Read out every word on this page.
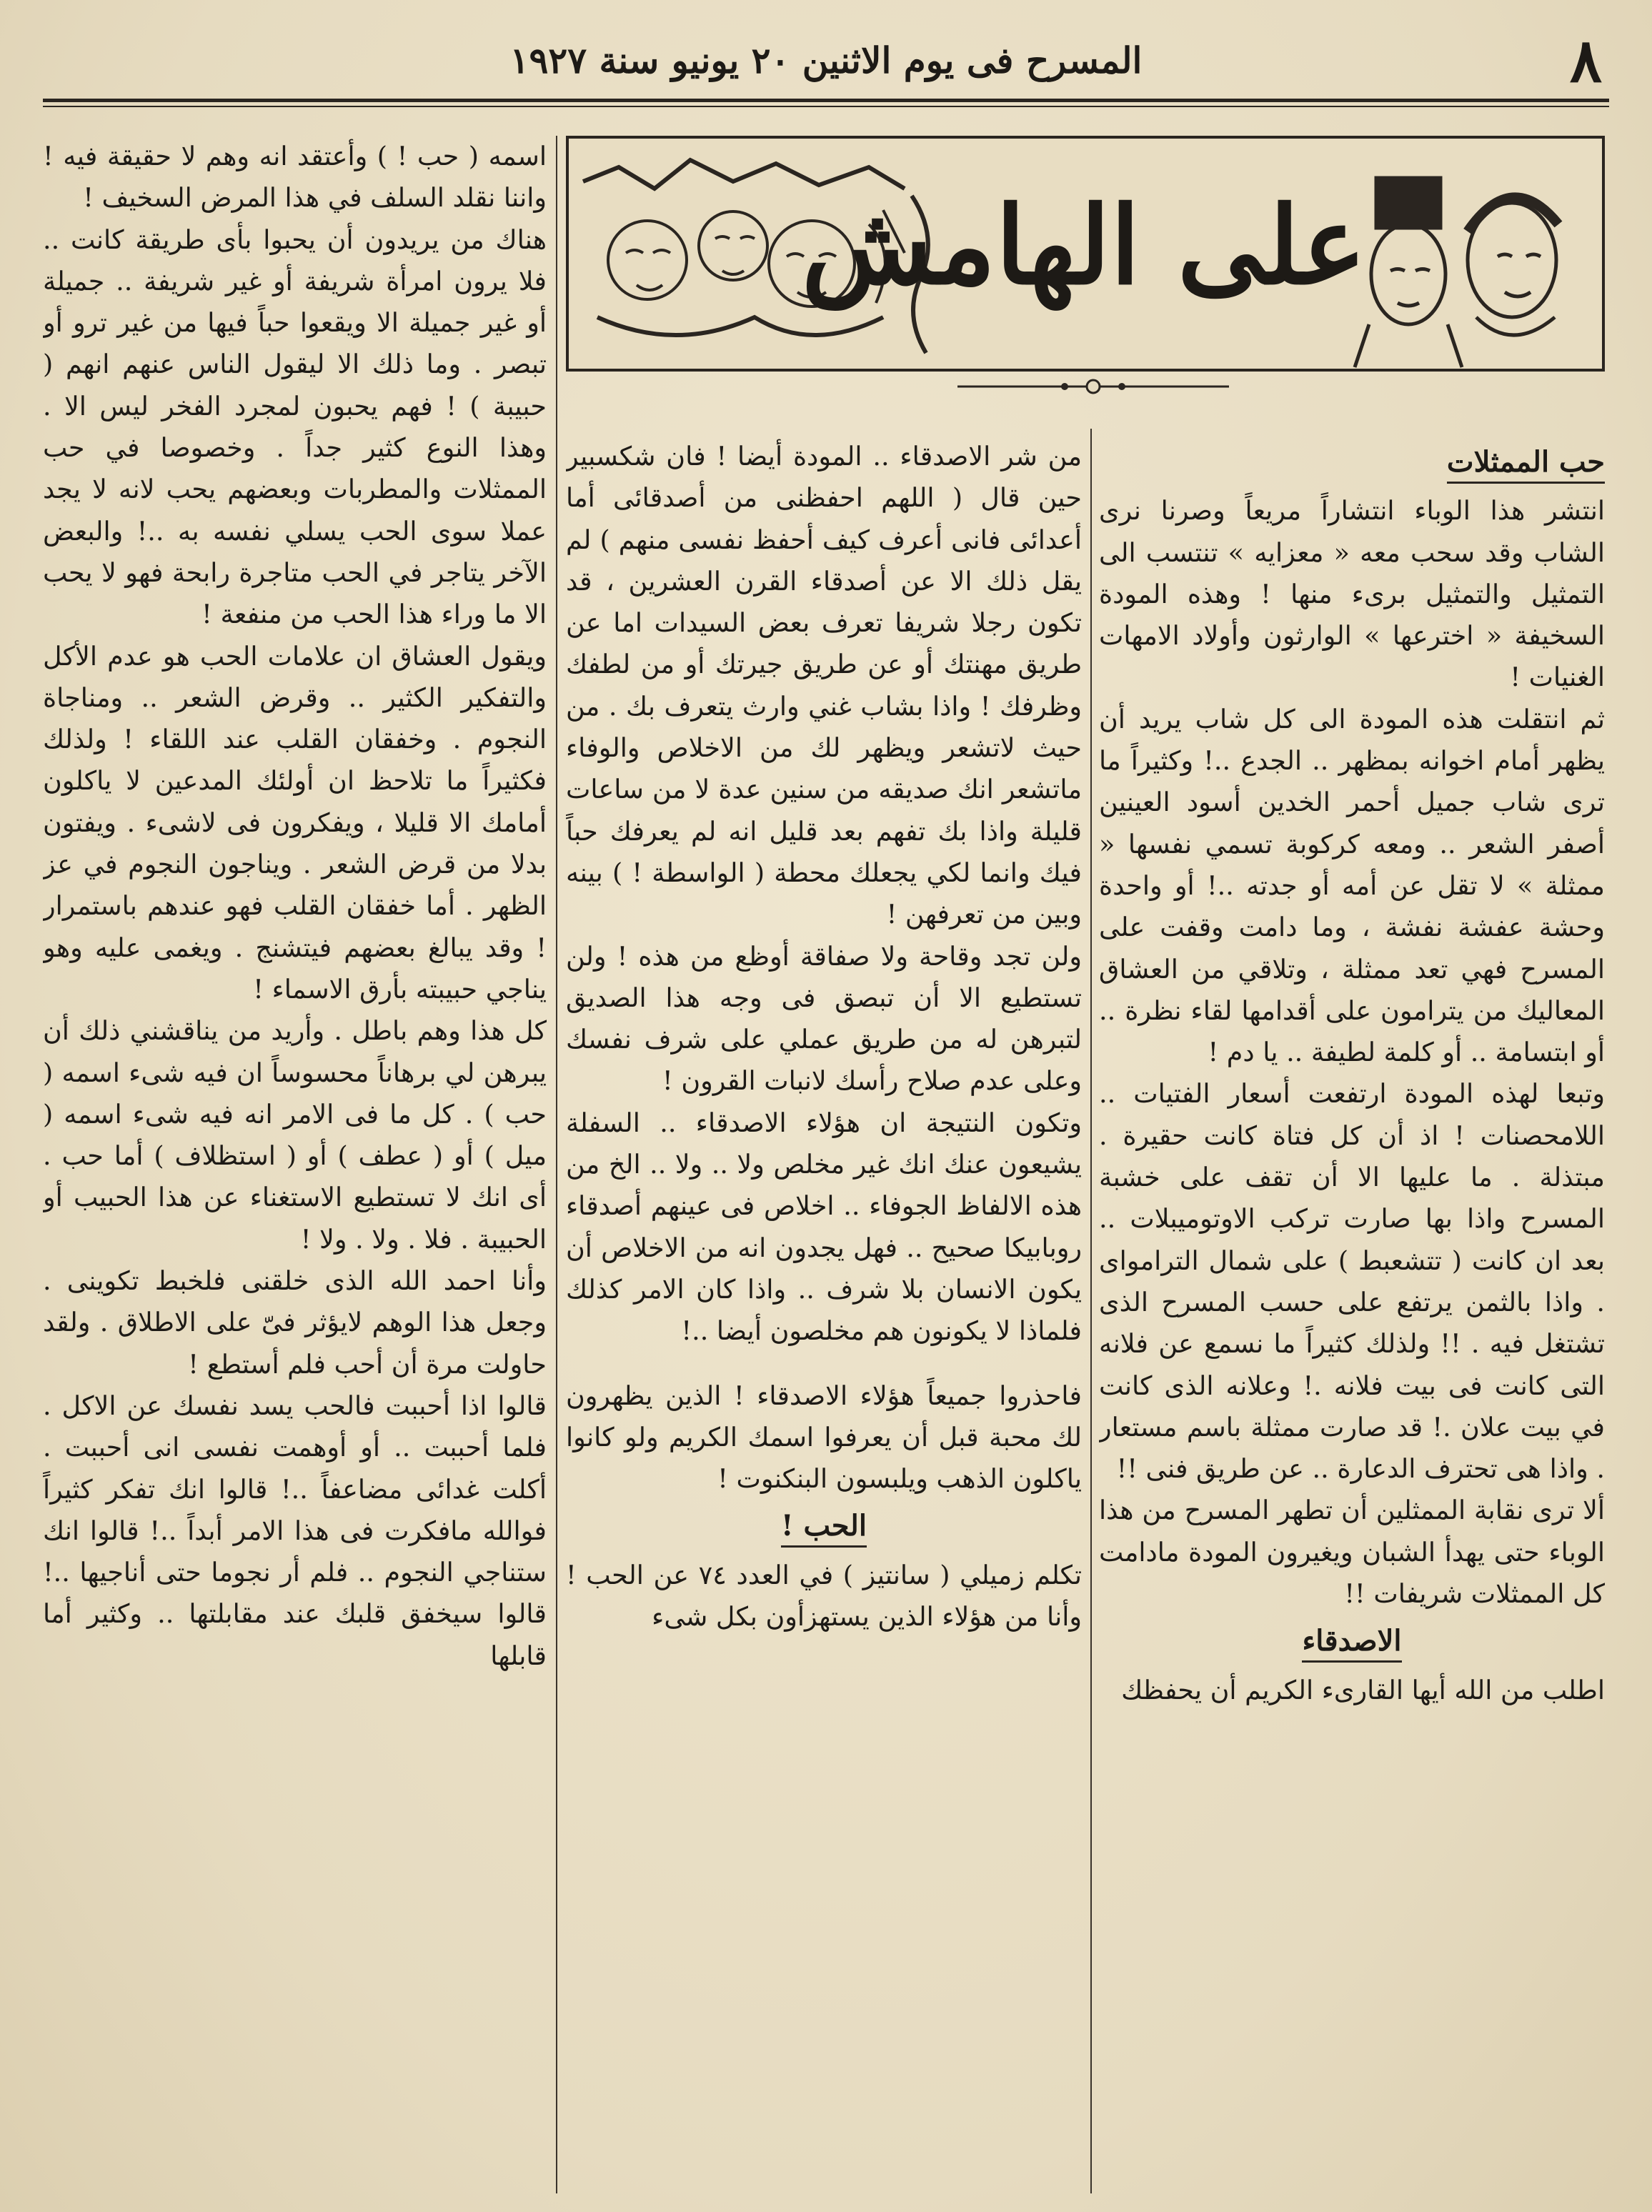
٨
المسرح فى يوم الاثنين ٢٠ يونيو سنة ١٩٢٧
على الهامش
حب الممثلات

انتشر هذا الوباء انتشاراً مريعاً وصرنا نرى الشاب وقد سحب معه « معزايه » تنتسب الى التمثيل والتمثيل برىء منها ! وهذه المودة السخيفة « اخترعها » الوارثون وأولاد الامهات الغنيات !

ثم انتقلت هذه المودة الى كل شاب يريد أن يظهر أمام اخوانه بمظهر .. الجدع ..! وكثيراً ما ترى شاب جميل أحمر الخدين أسود العينين أصفر الشعر .. ومعه كركوبة تسمي نفسها « ممثلة » لا تقل عن أمه أو جدته ..! أو واحدة وحشة عفشة نفشة ، وما دامت وقفت على المسرح فهي تعد ممثلة ، وتلاقي من العشاق المعاليك من يترامون على أقدامها لقاء نظرة .. أو ابتسامة .. أو كلمة لطيفة .. يا دم !

وتبعا لهذه المودة ارتفعت أسعار الفتيات .. اللامحصنات ! اذ أن كل فتاة كانت حقيرة . مبتذلة . ما عليها الا أن تقف على خشبة المسرح واذا بها صارت تركب الاوتوميبلات .. بعد ان كانت ( تتشعبط ) على شمال الترامواى . واذا بالثمن يرتفع على حسب المسرح الذى تشتغل فيه . !! ولذلك كثيراً ما نسمع عن فلانه التى كانت فى بيت فلانه .! وعلانه الذى كانت في بيت علان .! قد صارت ممثلة باسم مستعار . واذا هى تحترف الدعارة .. عن طريق فنى !!

ألا ترى نقابة الممثلين أن تطهر المسرح من هذا الوباء حتى يهدأ الشبان ويغيرون المودة مادامت كل الممثلات شريفات !!

الاصدقاء

اطلب من الله أيها القارىء الكريم أن يحفظك

من شر الاصدقاء .. المودة أيضا ! فان شكسبير حين قال ( اللهم احفظنى من أصدقائى أما أعدائى فانى أعرف كيف أحفظ نفسى منهم ) لم يقل ذلك الا عن أصدقاء القرن العشرين ، قد تكون رجلا شريفا تعرف بعض السيدات اما عن طريق مهنتك أو عن طريق جيرتك أو من لطفك وظرفك ! واذا بشاب غني وارث يتعرف بك . من حيث لاتشعر ويظهر لك من الاخلاص والوفاء ماتشعر انك صديقه من سنين عدة لا من ساعات قليلة واذا بك تفهم بعد قليل انه لم يعرفك حباً فيك وانما لكي يجعلك محطة ( الواسطة ! ) بينه وبين من تعرفهن !

ولن تجد وقاحة ولا صفاقة أوظع من هذه ! ولن تستطيع الا أن تبصق فى وجه هذا الصديق لتبرهن له من طريق عملي على شرف نفسك وعلى عدم صلاح رأسك لانبات القرون !

وتكون النتيجة ان هؤلاء الاصدقاء .. السفلة يشيعون عنك انك غير مخلص ولا .. ولا .. الخ من هذه الالفاظ الجوفاء .. اخلاص فى عينهم أصدقاء روبابيكا صحيح .. فهل يجدون انه من الاخلاص أن يكون الانسان بلا شرف .. واذا كان الامر كذلك فلماذا لا يكونون هم مخلصون أيضا ..!

فاحذروا جميعاً هؤلاء الاصدقاء ! الذين يظهرون لك محبة قبل أن يعرفوا اسمك الكريم ولو كانوا ياكلون الذهب ويلبسون البنكنوت !

الحب !

تكلم زميلي ( سانتيز ) في العدد ٧٤ عن الحب ! وأنا من هؤلاء الذين يستهزأون بكل شىء

اسمه ( حب ! ) وأعتقد انه وهم لا حقيقة فيه ! واننا نقلد السلف في هذا المرض السخيف !

هناك من يريدون أن يحبوا بأى طريقة كانت .. فلا يرون امرأة شريفة أو غير شريفة .. جميلة أو غير جميلة الا ويقعوا حباً فيها من غير ترو أو تبصر . وما ذلك الا ليقول الناس عنهم انهم ( حبيبة ) ! فهم يحبون لمجرد الفخر ليس الا . وهذا النوع كثير جداً . وخصوصا في حب الممثلات والمطربات وبعضهم يحب لانه لا يجد عملا سوى الحب يسلي نفسه به ..! والبعض الآخر يتاجر في الحب متاجرة رابحة فهو لا يحب الا ما وراء هذا الحب من منفعة !

ويقول العشاق ان علامات الحب هو عدم الأكل والتفكير الكثير .. وقرض الشعر .. ومناجاة النجوم . وخفقان القلب عند اللقاء ! ولذلك فكثيراً ما تلاحظ ان أولئك المدعين لا ياكلون أمامك الا قليلا ، ويفكرون فى لاشىء . ويفتون بدلا من قرض الشعر . ويناجون النجوم في عز الظهر . أما خفقان القلب فهو عندهم باستمرار ! وقد يبالغ بعضهم فيتشنج . ويغمى عليه وهو يناجي حبيبته بأرق الاسماء !

كل هذا وهم باطل . وأريد من يناقشني ذلك أن يبرهن لي برهاناً محسوساً ان فيه شىء اسمه ( حب ) . كل ما فى الامر انه فيه شىء اسمه ( ميل ) أو ( عطف ) أو ( استظلاف ) أما حب . أى انك لا تستطيع الاستغناء عن هذا الحبيب أو الحبيبة . فلا . ولا . ولا !

وأنا احمد الله الذى خلقنى فلخبط تكوينى . وجعل هذا الوهم لايؤثر فىّ على الاطلاق . ولقد حاولت مرة أن أحب فلم أستطع !

قالوا اذا أحببت فالحب يسد نفسك عن الاكل . فلما أحببت .. أو أوهمت نفسى انى أحببت . أكلت غدائى مضاعفاً ..! قالوا انك تفكر كثيراً فوالله مافكرت فى هذا الامر أبداً ..! قالوا انك ستناجي النجوم .. فلم أر نجوما حتى أناجيها ..! قالوا سيخفق قلبك عند مقابلتها .. وكثير أما قابلها
